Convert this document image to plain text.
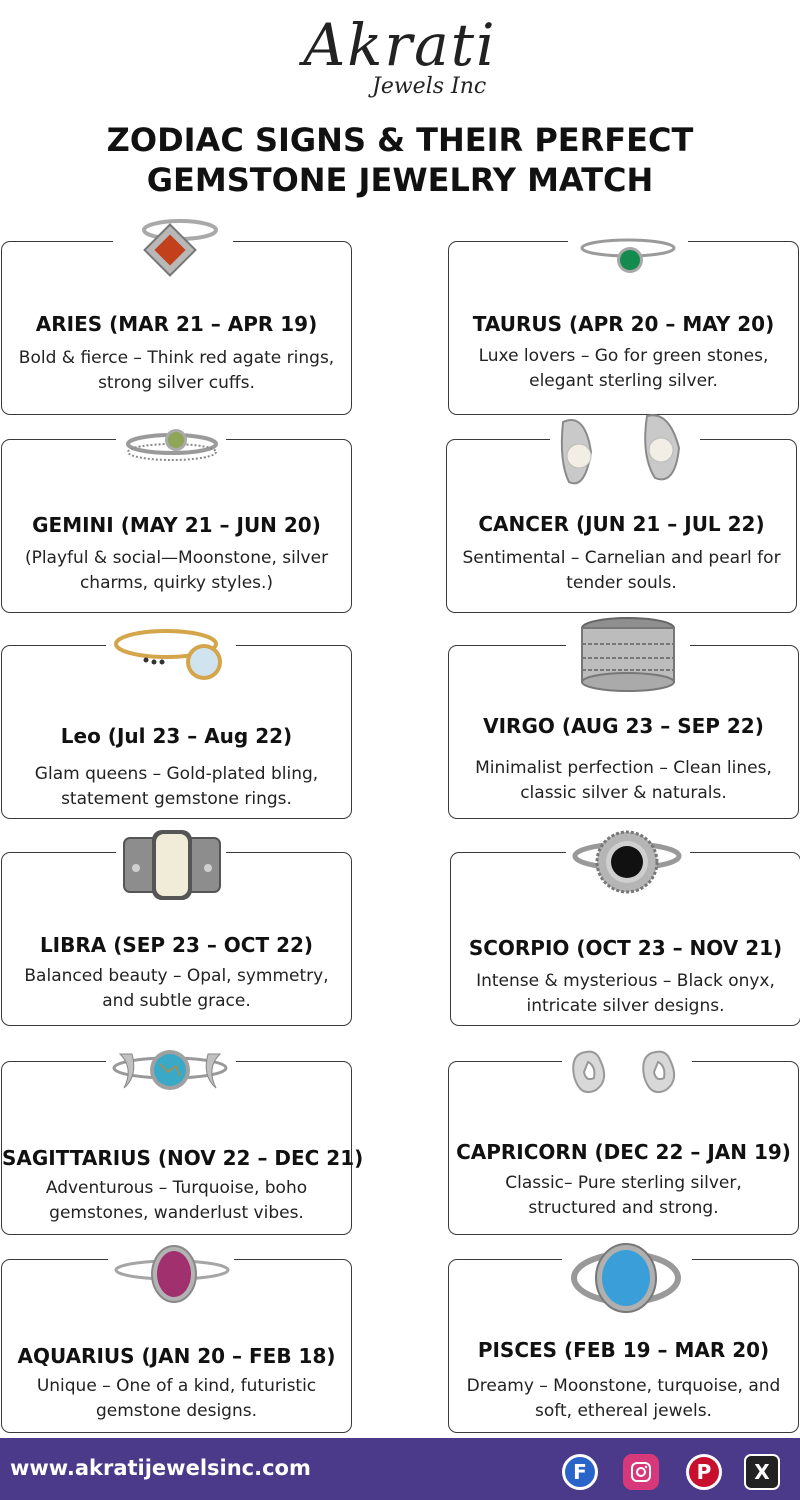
Akrati
Jewels Inc
ZODIAC SIGNS & THEIR PERFECT
GEMSTONE JEWELRY MATCH
ARIES (MAR 21 – APR 19)
Bold & fierce – Think red agate rings,
strong silver cuffs.
GEMINI (MAY 21 – JUN 20)
(Playful & social—Moonstone, silver
charms, quirky styles.)
Leo (Jul 23 – Aug 22)
Glam queens – Gold-plated bling,
statement gemstone rings.
LIBRA (SEP 23 – OCT 22)
Balanced beauty – Opal, symmetry,
and subtle grace.
SAGITTARIUS (NOV 22 – DEC 21)
Adventurous – Turquoise, boho
gemstones, wanderlust vibes.
AQUARIUS (JAN 20 – FEB 18)
Unique – One of a kind, futuristic
gemstone designs.
TAURUS (APR 20 – MAY 20)
Luxe lovers – Go for green stones,
elegant sterling silver.
CANCER (JUN 21 – JUL 22)
Sentimental – Carnelian and pearl for
tender souls.
VIRGO (AUG 23 – SEP 22)
Minimalist perfection – Clean lines,
classic silver & naturals.
SCORPIO (OCT 23 – NOV 21)
Intense & mysterious – Black onyx,
intricate silver designs.
CAPRICORN (DEC 22 – JAN 19)
Classic– Pure sterling silver,
structured and strong.
PISCES (FEB 19 – MAR 20)
Dreamy – Moonstone, turquoise, and
soft, ethereal jewels.
www.akratijewelsinc.com	F	P X
